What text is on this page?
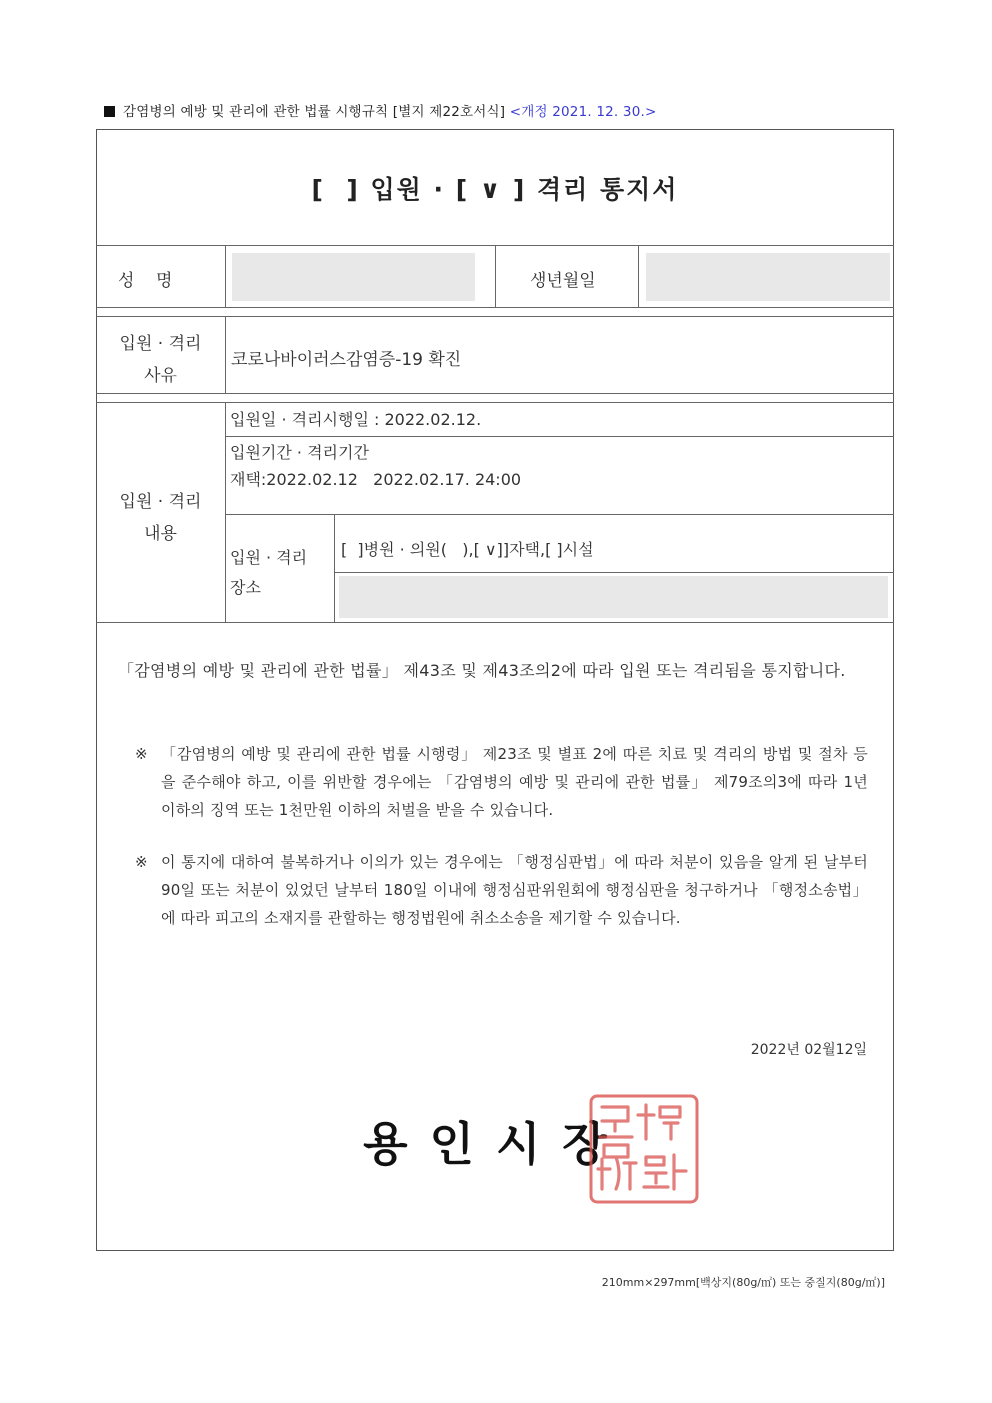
감염병의 예방 및 관리에 관한 법률 시행규칙 [별지 제22호서식] <개정 2021. 12. 30.>
[  ] 입원 · [ ∨ ] 격리 통지서
성    명	생년월일
입원 · 격리
사유
코로나바이러스감염증-19 확진
입원 · 격리
내용
입원일 · 격리시행일 : 2022.02.12.
입원기간 · 격리기간
재택:2022.02.12   2022.02.17. 24:00
입원 · 격리
장소
[  ]병원 · 의원(   ),[ ∨]]자택,[ ]시설
「감염병의 예방 및 관리에 관한 법률」 제43조 및 제43조의2에 따라 입원 또는 격리됨을 통지합니다.
※ 「감염병의 예방 및 관리에 관한 법률 시행령」 제23조 및 별표 2에 따른 치료 및 격리의 방법 및 절차 등을 준수해야 하고, 이를 위반할 경우에는 「감염병의 예방 및 관리에 관한 법률」 제79조의3에 따라 1년 이하의 징역 또는 1천만원 이하의 처벌을 받을 수 있습니다.
※ 이 통지에 대하여 불복하거나 이의가 있는 경우에는 「행정심판법」에 따라 처분이 있음을 알게 된 날부터 90일 또는 처분이 있었던 날부터 180일 이내에 행정심판위원회에 행정심판을 청구하거나 「행정소송법」에 따라 피고의 소재지를 관할하는 행정법원에 취소소송을 제기할 수 있습니다.
2022년 02월12일
용인시장
210mm×297mm[백상지(80g/㎡) 또는 중질지(80g/㎡)]
